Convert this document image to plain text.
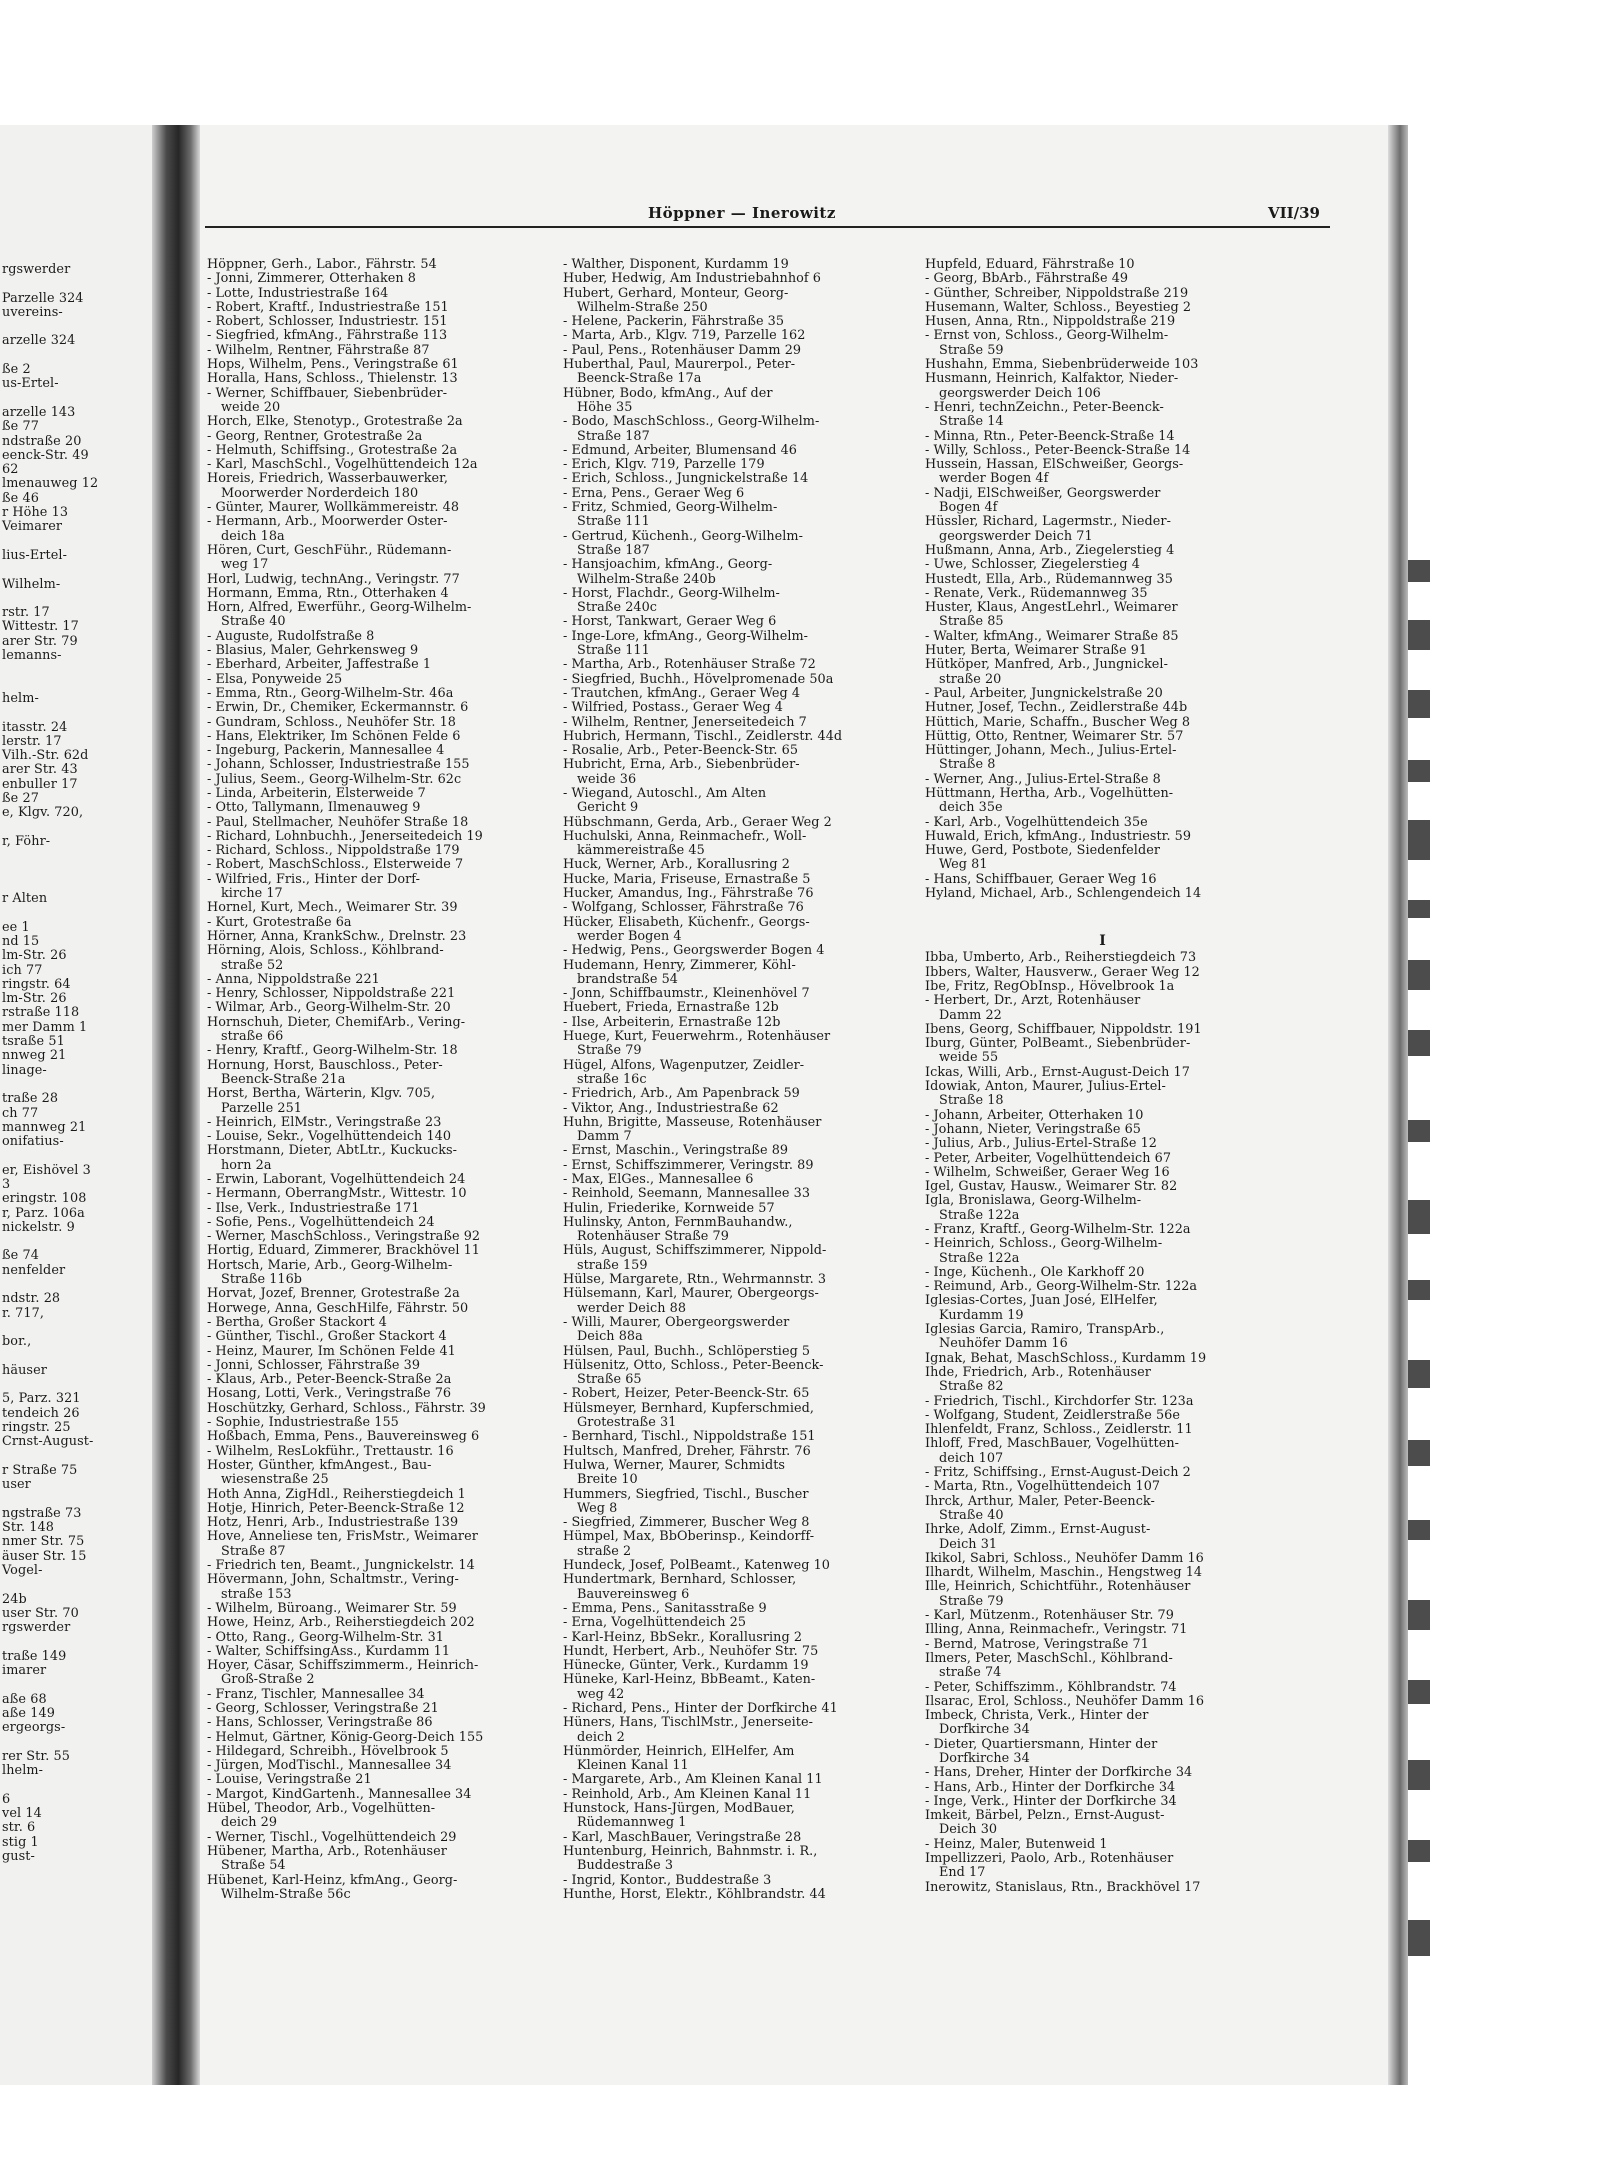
rgswerder
Parzelle 324
uvereins-
arzelle 324
ße 2
us-Ertel-
arzelle 143
ße 77
ndstraße 20
eenck-Str. 49
62
lmenauweg 12
ße 46
r Höhe 13
Veimarer
lius-Ertel-
Wilhelm-
rstr. 17
Wittestr. 17
arer Str. 79
lemanns-
helm-
itasstr. 24
lerstr. 17
Vilh.-Str. 62d
arer Str. 43
enbuller 17
ße 27
e, Klgv. 720,
r, Föhr-
r Alten
ee 1
nd 15
lm-Str. 26
ich 77
ringstr. 64
lm-Str. 26
rstraße 118
mer Damm 1
tsraße 51
nnweg 21
linage-
traße 28
ch 77
mannweg 21
onifatius-
er, Eishövel 3
3
eringstr. 108
r, Parz. 106a
nickelstr. 9
ße 74
nenfelder
ndstr. 28
r. 717,
bor.,
häuser
5, Parz. 321
tendeich 26
ringstr. 25
Crnst-August-
r Straße 75
user
ngstraße 73
Str. 148
nmer Str. 75
äuser Str. 15
Vogel-
24b
user Str. 70
rgswerder
traße 149
imarer
aße 68
aße 149
ergeorgs-
rer Str. 55
lhelm-
6
vel 14
str. 6
stig 1
gust-
Höppner — Inerowitz	VII/39
Höppner, Gerh., Labor., Fährstr. 54
- Jonni, Zimmerer, Otterhaken 8
- Lotte, Industriestraße 164
- Robert, Kraftf., Industriestraße 151
- Robert, Schlosser, Industriestr. 151
- Siegfried, kfmAng., Fährstraße 113
- Wilhelm, Rentner, Fährstraße 87
Hops, Wilhelm, Pens., Veringstraße 61
Horalla, Hans, Schloss., Thielenstr. 13
- Werner, Schiffbauer, Siebenbrüder-
weide 20
Horch, Elke, Stenotyp., Grotestraße 2a
- Georg, Rentner, Grotestraße 2a
- Helmuth, Schiffsing., Grotestraße 2a
- Karl, MaschSchl., Vogelhüttendeich 12a
Horeis, Friedrich, Wasserbauwerker,
Moorwerder Norderdeich 180
- Günter, Maurer, Wollkämmereistr. 48
- Hermann, Arb., Moorwerder Oster-
deich 18a
Hören, Curt, GeschFühr., Rüdemann-
weg 17
Horl, Ludwig, technAng., Veringstr. 77
Hormann, Emma, Rtn., Otterhaken 4
Horn, Alfred, Ewerführ., Georg-Wilhelm-
Straße 40
- Auguste, Rudolfstraße 8
- Blasius, Maler, Gehrkensweg 9
- Eberhard, Arbeiter, Jaffestraße 1
- Elsa, Ponyweide 25
- Emma, Rtn., Georg-Wilhelm-Str. 46a
- Erwin, Dr., Chemiker, Eckermannstr. 6
- Gundram, Schloss., Neuhöfer Str. 18
- Hans, Elektriker, Im Schönen Felde 6
- Ingeburg, Packerin, Mannesallee 4
- Johann, Schlosser, Industriestraße 155
- Julius, Seem., Georg-Wilhelm-Str. 62c
- Linda, Arbeiterin, Elsterweide 7
- Otto, Tallymann, Ilmenauweg 9
- Paul, Stellmacher, Neuhöfer Straße 18
- Richard, Lohnbuchh., Jenerseitedeich 19
- Richard, Schloss., Nippoldstraße 179
- Robert, MaschSchloss., Elsterweide 7
- Wilfried, Fris., Hinter der Dorf-
kirche 17
Hornel, Kurt, Mech., Weimarer Str. 39
- Kurt, Grotestraße 6a
Hörner, Anna, KrankSchw., Drelnstr. 23
Hörning, Alois, Schloss., Köhlbrand-
straße 52
- Anna, Nippoldstraße 221
- Henry, Schlosser, Nippoldstraße 221
- Wilmar, Arb., Georg-Wilhelm-Str. 20
Hornschuh, Dieter, ChemifArb., Vering-
straße 66
- Henry, Kraftf., Georg-Wilhelm-Str. 18
Hornung, Horst, Bauschloss., Peter-
Beenck-Straße 21a
Horst, Bertha, Wärterin, Klgv. 705,
Parzelle 251
- Heinrich, ElMstr., Veringstraße 23
- Louise, Sekr., Vogelhüttendeich 140
Horstmann, Dieter, AbtLtr., Kuckucks-
horn 2a
- Erwin, Laborant, Vogelhüttendeich 24
- Hermann, OberrangMstr., Wittestr. 10
- Ilse, Verk., Industriestraße 171
- Sofie, Pens., Vogelhüttendeich 24
- Werner, MaschSchloss., Veringstraße 92
Hortig, Eduard, Zimmerer, Brackhövel 11
Hortsch, Marie, Arb., Georg-Wilhelm-
Straße 116b
Horvat, Jozef, Brenner, Grotestraße 2a
Horwege, Anna, GeschHilfe, Fährstr. 50
- Bertha, Großer Stackort 4
- Günther, Tischl., Großer Stackort 4
- Heinz, Maurer, Im Schönen Felde 41
- Jonni, Schlosser, Fährstraße 39
- Klaus, Arb., Peter-Beenck-Straße 2a
Hosang, Lotti, Verk., Veringstraße 76
Hoschützky, Gerhard, Schloss., Fährstr. 39
- Sophie, Industriestraße 155
Hoßbach, Emma, Pens., Bauvereinsweg 6
- Wilhelm, ResLokführ., Trettaustr. 16
Hoster, Günther, kfmAngest., Bau-
wiesenstraße 25
Hoth Anna, ZigHdl., Reiherstiegdeich 1
Hotje, Hinrich, Peter-Beenck-Straße 12
Hotz, Henri, Arb., Industriestraße 139
Hove, Anneliese ten, FrisMstr., Weimarer
Straße 87
- Friedrich ten, Beamt., Jungnickelstr. 14
Hövermann, John, Schaltmstr., Vering-
straße 153
- Wilhelm, Büroang., Weimarer Str. 59
Howe, Heinz, Arb., Reiherstiegdeich 202
- Otto, Rang., Georg-Wilhelm-Str. 31
- Walter, SchiffsingAss., Kurdamm 11
Hoyer, Cäsar, Schiffszimmerm., Heinrich-
Groß-Straße 2
- Franz, Tischler, Mannesallee 34
- Georg, Schlosser, Veringstraße 21
- Hans, Schlosser, Veringstraße 86
- Helmut, Gärtner, König-Georg-Deich 155
- Hildegard, Schreibh., Hövelbrook 5
- Jürgen, ModTischl., Mannesallee 34
- Louise, Veringstraße 21
- Margot, KindGartenh., Mannesallee 34
Hübel, Theodor, Arb., Vogelhütten-
deich 29
- Werner, Tischl., Vogelhüttendeich 29
Hübener, Martha, Arb., Rotenhäuser
Straße 54
Hübenet, Karl-Heinz, kfmAng., Georg-
Wilhelm-Straße 56c
- Walther, Disponent, Kurdamm 19
Huber, Hedwig, Am Industriebahnhof 6
Hubert, Gerhard, Monteur, Georg-
Wilhelm-Straße 250
- Helene, Packerin, Fährstraße 35
- Marta, Arb., Klgv. 719, Parzelle 162
- Paul, Pens., Rotenhäuser Damm 29
Huberthal, Paul, Maurerpol., Peter-
Beenck-Straße 17a
Hübner, Bodo, kfmAng., Auf der
Höhe 35
- Bodo, MaschSchloss., Georg-Wilhelm-
Straße 187
- Edmund, Arbeiter, Blumensand 46
- Erich, Klgv. 719, Parzelle 179
- Erich, Schloss., Jungnickelstraße 14
- Erna, Pens., Geraer Weg 6
- Fritz, Schmied, Georg-Wilhelm-
Straße 111
- Gertrud, Küchenh., Georg-Wilhelm-
Straße 187
- Hansjoachim, kfmAng., Georg-
Wilhelm-Straße 240b
- Horst, Flachdr., Georg-Wilhelm-
Straße 240c
- Horst, Tankwart, Geraer Weg 6
- Inge-Lore, kfmAng., Georg-Wilhelm-
Straße 111
- Martha, Arb., Rotenhäuser Straße 72
- Siegfried, Buchh., Hövelpromenade 50a
- Trautchen, kfmAng., Geraer Weg 4
- Wilfried, Postass., Geraer Weg 4
- Wilhelm, Rentner, Jenerseitedeich 7
Hubrich, Hermann, Tischl., Zeidlerstr. 44d
- Rosalie, Arb., Peter-Beenck-Str. 65
Hubricht, Erna, Arb., Siebenbrüder-
weide 36
- Wiegand, Autoschl., Am Alten
Gericht 9
Hübschmann, Gerda, Arb., Geraer Weg 2
Huchulski, Anna, Reinmachefr., Woll-
kämmereistraße 45
Huck, Werner, Arb., Korallusring 2
Hucke, Maria, Friseuse, Ernastraße 5
Hucker, Amandus, Ing., Fährstraße 76
- Wolfgang, Schlosser, Fährstraße 76
Hücker, Elisabeth, Küchenfr., Georgs-
werder Bogen 4
- Hedwig, Pens., Georgswerder Bogen 4
Hudemann, Henry, Zimmerer, Köhl-
brandstraße 54
- Jonn, Schiffbaumstr., Kleinenhövel 7
Huebert, Frieda, Ernastraße 12b
- Ilse, Arbeiterin, Ernastraße 12b
Huege, Kurt, Feuerwehrm., Rotenhäuser
Straße 79
Hügel, Alfons, Wagenputzer, Zeidler-
straße 16c
- Friedrich, Arb., Am Papenbrack 59
- Viktor, Ang., Industriestraße 62
Huhn, Brigitte, Masseuse, Rotenhäuser
Damm 7
- Ernst, Maschin., Veringstraße 89
- Ernst, Schiffszimmerer, Veringstr. 89
- Max, ElGes., Mannesallee 6
- Reinhold, Seemann, Mannesallee 33
Hulin, Friederike, Kornweide 57
Hulinsky, Anton, FernmBauhandw.,
Rotenhäuser Straße 79
Hüls, August, Schiffszimmerer, Nippold-
straße 159
Hülse, Margarete, Rtn., Wehrmannstr. 3
Hülsemann, Karl, Maurer, Obergeorgs-
werder Deich 88
- Willi, Maurer, Obergeorgswerder
Deich 88a
Hülsen, Paul, Buchh., Schlöperstieg 5
Hülsenitz, Otto, Schloss., Peter-Beenck-
Straße 65
- Robert, Heizer, Peter-Beenck-Str. 65
Hülsmeyer, Bernhard, Kupferschmied,
Grotestraße 31
- Bernhard, Tischl., Nippoldstraße 151
Hultsch, Manfred, Dreher, Fährstr. 76
Hulwa, Werner, Maurer, Schmidts
Breite 10
Hummers, Siegfried, Tischl., Buscher
Weg 8
- Siegfried, Zimmerer, Buscher Weg 8
Hümpel, Max, BbOberinsp., Keindorff-
straße 2
Hundeck, Josef, PolBeamt., Katenweg 10
Hundertmark, Bernhard, Schlosser,
Bauvereinsweg 6
- Emma, Pens., Sanitasstraße 9
- Erna, Vogelhüttendeich 25
- Karl-Heinz, BbSekr., Korallusring 2
Hundt, Herbert, Arb., Neuhöfer Str. 75
Hünecke, Günter, Verk., Kurdamm 19
Hüneke, Karl-Heinz, BbBeamt., Katen-
weg 42
- Richard, Pens., Hinter der Dorfkirche 41
Hüners, Hans, TischlMstr., Jenerseite-
deich 2
Hünmörder, Heinrich, ElHelfer, Am
Kleinen Kanal 11
- Margarete, Arb., Am Kleinen Kanal 11
- Reinhold, Arb., Am Kleinen Kanal 11
Hunstock, Hans-Jürgen, ModBauer,
Rüdemannweg 1
- Karl, MaschBauer, Veringstraße 28
Huntenburg, Heinrich, Bahnmstr. i. R.,
Buddestraße 3
- Ingrid, Kontor., Buddestraße 3
Hunthe, Horst, Elektr., Köhlbrandstr. 44
Hupfeld, Eduard, Fährstraße 10
- Georg, BbArb., Fährstraße 49
- Günther, Schreiber, Nippoldstraße 219
Husemann, Walter, Schloss., Beyestieg 2
Husen, Anna, Rtn., Nippoldstraße 219
- Ernst von, Schloss., Georg-Wilhelm-
Straße 59
Hushahn, Emma, Siebenbrüderweide 103
Husmann, Heinrich, Kalfaktor, Nieder-
georgswerder Deich 106
- Henri, technZeichn., Peter-Beenck-
Straße 14
- Minna, Rtn., Peter-Beenck-Straße 14
- Willy, Schloss., Peter-Beenck-Straße 14
Hussein, Hassan, ElSchweißer, Georgs-
werder Bogen 4f
- Nadji, ElSchweißer, Georgswerder
Bogen 4f
Hüssler, Richard, Lagermstr., Nieder-
georgswerder Deich 71
Hußmann, Anna, Arb., Ziegelerstieg 4
- Uwe, Schlosser, Ziegelerstieg 4
Hustedt, Ella, Arb., Rüdemannweg 35
- Renate, Verk., Rüdemannweg 35
Huster, Klaus, AngestLehrl., Weimarer
Straße 85
- Walter, kfmAng., Weimarer Straße 85
Huter, Berta, Weimarer Straße 91
Hütköper, Manfred, Arb., Jungnickel-
straße 20
- Paul, Arbeiter, Jungnickelstraße 20
Hutner, Josef, Techn., Zeidlerstraße 44b
Hüttich, Marie, Schaffn., Buscher Weg 8
Hüttig, Otto, Rentner, Weimarer Str. 57
Hüttinger, Johann, Mech., Julius-Ertel-
Straße 8
- Werner, Ang., Julius-Ertel-Straße 8
Hüttmann, Hertha, Arb., Vogelhütten-
deich 35e
- Karl, Arb., Vogelhüttendeich 35e
Huwald, Erich, kfmAng., Industriestr. 59
Huwe, Gerd, Postbote, Siedenfelder
Weg 81
- Hans, Schiffbauer, Geraer Weg 16
Hyland, Michael, Arb., Schlengendeich 14
I
Ibba, Umberto, Arb., Reiherstiegdeich 73
Ibbers, Walter, Hausverw., Geraer Weg 12
Ibe, Fritz, RegObInsp., Hövelbrook 1a
- Herbert, Dr., Arzt, Rotenhäuser
Damm 22
Ibens, Georg, Schiffbauer, Nippoldstr. 191
Iburg, Günter, PolBeamt., Siebenbrüder-
weide 55
Ickas, Willi, Arb., Ernst-August-Deich 17
Idowiak, Anton, Maurer, Julius-Ertel-
Straße 18
- Johann, Arbeiter, Otterhaken 10
- Johann, Nieter, Veringstraße 65
- Julius, Arb., Julius-Ertel-Straße 12
- Peter, Arbeiter, Vogelhüttendeich 67
- Wilhelm, Schweißer, Geraer Weg 16
Igel, Gustav, Hausw., Weimarer Str. 82
Igla, Bronislawa, Georg-Wilhelm-
Straße 122a
- Franz, Kraftf., Georg-Wilhelm-Str. 122a
- Heinrich, Schloss., Georg-Wilhelm-
Straße 122a
- Inge, Küchenh., Ole Karkhoff 20
- Reimund, Arb., Georg-Wilhelm-Str. 122a
Iglesias-Cortes, Juan José, ElHelfer,
Kurdamm 19
Iglesias Garcia, Ramiro, TranspArb.,
Neuhöfer Damm 16
Ignak, Behat, MaschSchloss., Kurdamm 19
Ihde, Friedrich, Arb., Rotenhäuser
Straße 82
- Friedrich, Tischl., Kirchdorfer Str. 123a
- Wolfgang, Student, Zeidlerstraße 56e
Ihlenfeldt, Franz, Schloss., Zeidlerstr. 11
Ihloff, Fred, MaschBauer, Vogelhütten-
deich 107
- Fritz, Schiffsing., Ernst-August-Deich 2
- Marta, Rtn., Vogelhüttendeich 107
Ihrck, Arthur, Maler, Peter-Beenck-
Straße 40
Ihrke, Adolf, Zimm., Ernst-August-
Deich 31
Ikikol, Sabri, Schloss., Neuhöfer Damm 16
Ilhardt, Wilhelm, Maschin., Hengstweg 14
Ille, Heinrich, Schichtführ., Rotenhäuser
Straße 79
- Karl, Mützenm., Rotenhäuser Str. 79
Illing, Anna, Reinmachefr., Veringstr. 71
- Bernd, Matrose, Veringstraße 71
Ilmers, Peter, MaschSchl., Köhlbrand-
straße 74
- Peter, Schiffszimm., Köhlbrandstr. 74
Ilsarac, Erol, Schloss., Neuhöfer Damm 16
Imbeck, Christa, Verk., Hinter der
Dorfkirche 34
- Dieter, Quartiersmann, Hinter der
Dorfkirche 34
- Hans, Dreher, Hinter der Dorfkirche 34
- Hans, Arb., Hinter der Dorfkirche 34
- Inge, Verk., Hinter der Dorfkirche 34
Imkeit, Bärbel, Pelzn., Ernst-August-
Deich 30
- Heinz, Maler, Butenweid 1
Impellizzeri, Paolo, Arb., Rotenhäuser
End 17
Inerowitz, Stanislaus, Rtn., Brackhövel 17
